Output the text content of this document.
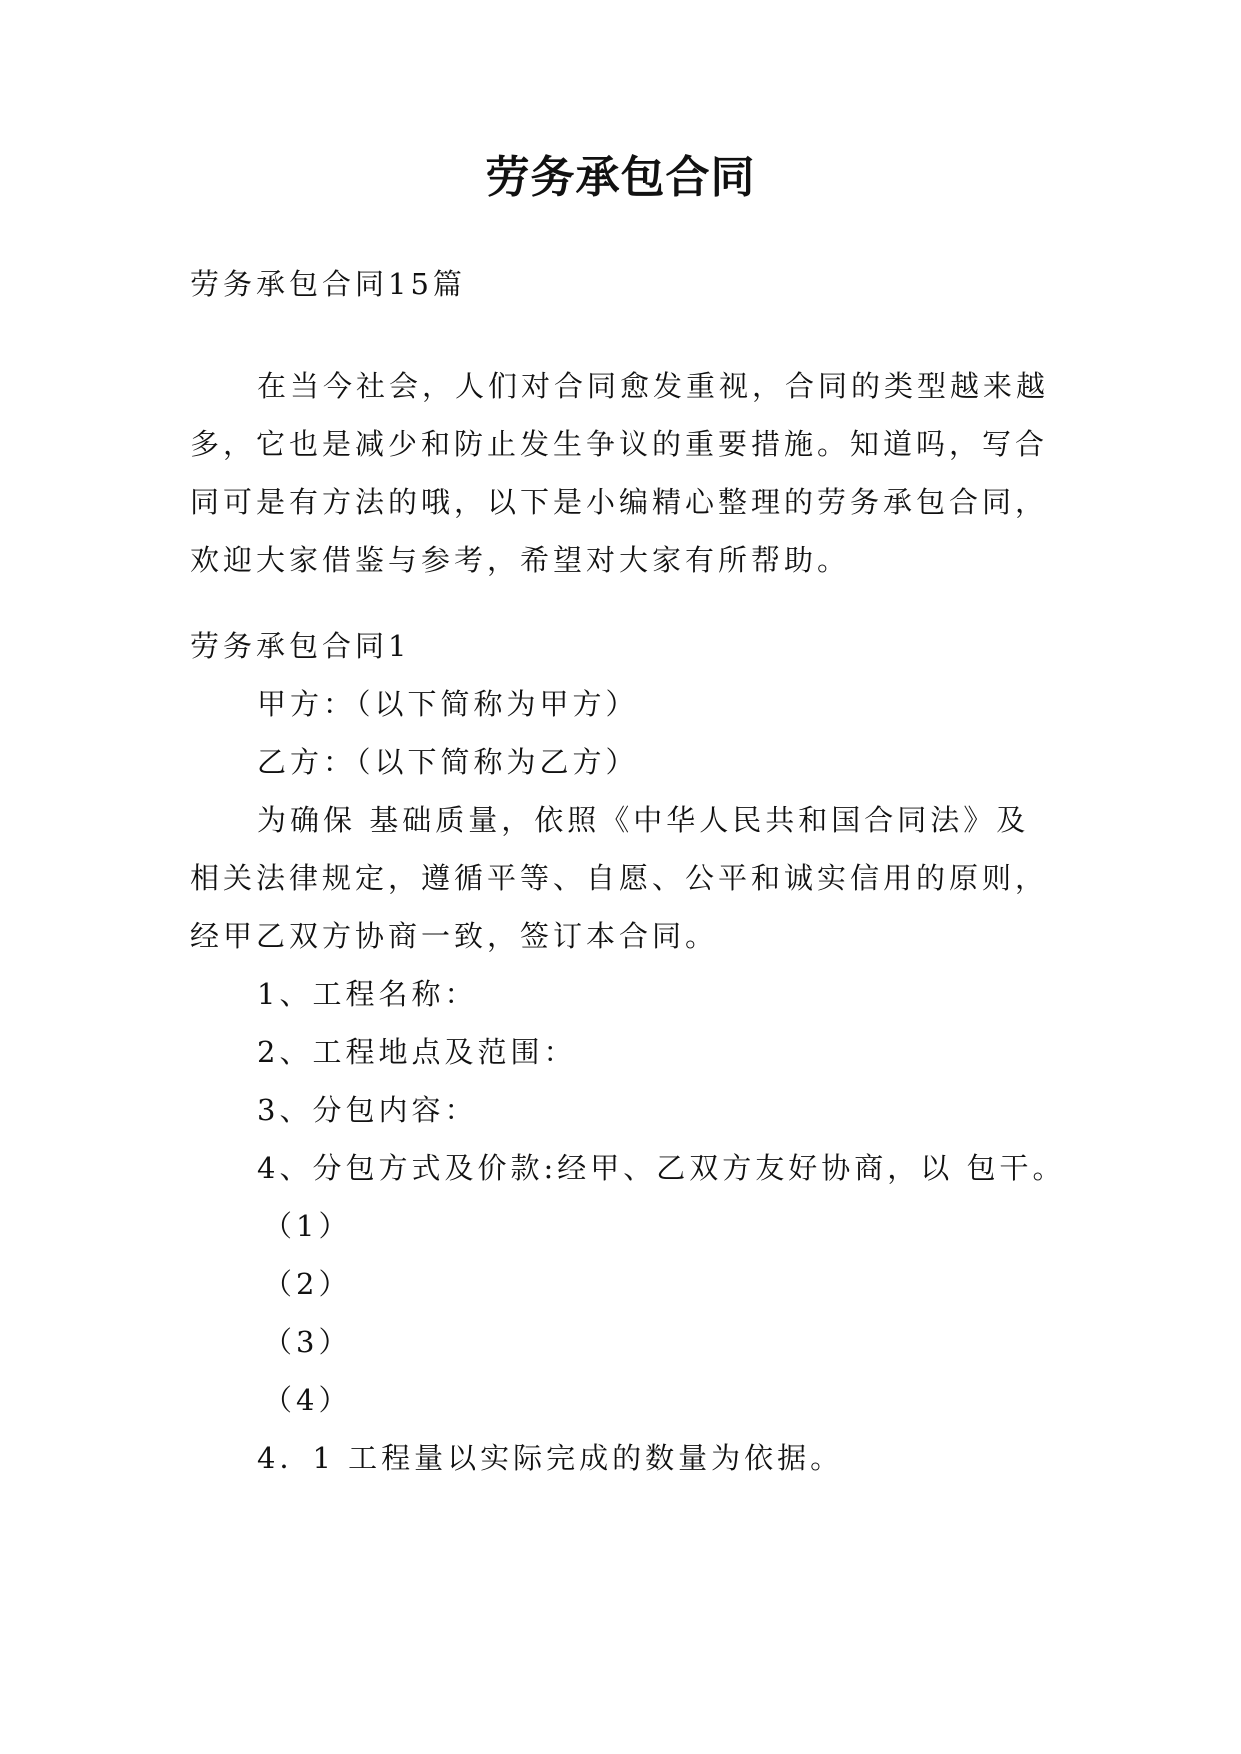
劳务承包合同
劳务承包合同15篇
在当今社会，人们对合同愈发重视，合同的类型越来越
多，它也是减少和防止发生争议的重要措施。知道吗，写合
同可是有方法的哦，以下是小编精心整理的劳务承包合同，
欢迎大家借鉴与参考，希望对大家有所帮助。
劳务承包合同1
甲方：（以下简称为甲方）
乙方：（以下简称为乙方）
为确保 基础质量，依照《中华人民共和国合同法》及
相关法律规定，遵循平等、自愿、公平和诚实信用的原则，
经甲乙双方协商一致，签订本合同。
1、工程名称：
2、工程地点及范围：
3、分包内容：
4、分包方式及价款:经甲、乙双方友好协商，以 包干。
（1）
（2）
（3）
（4）
4．1 工程量以实际完成的数量为依据。
